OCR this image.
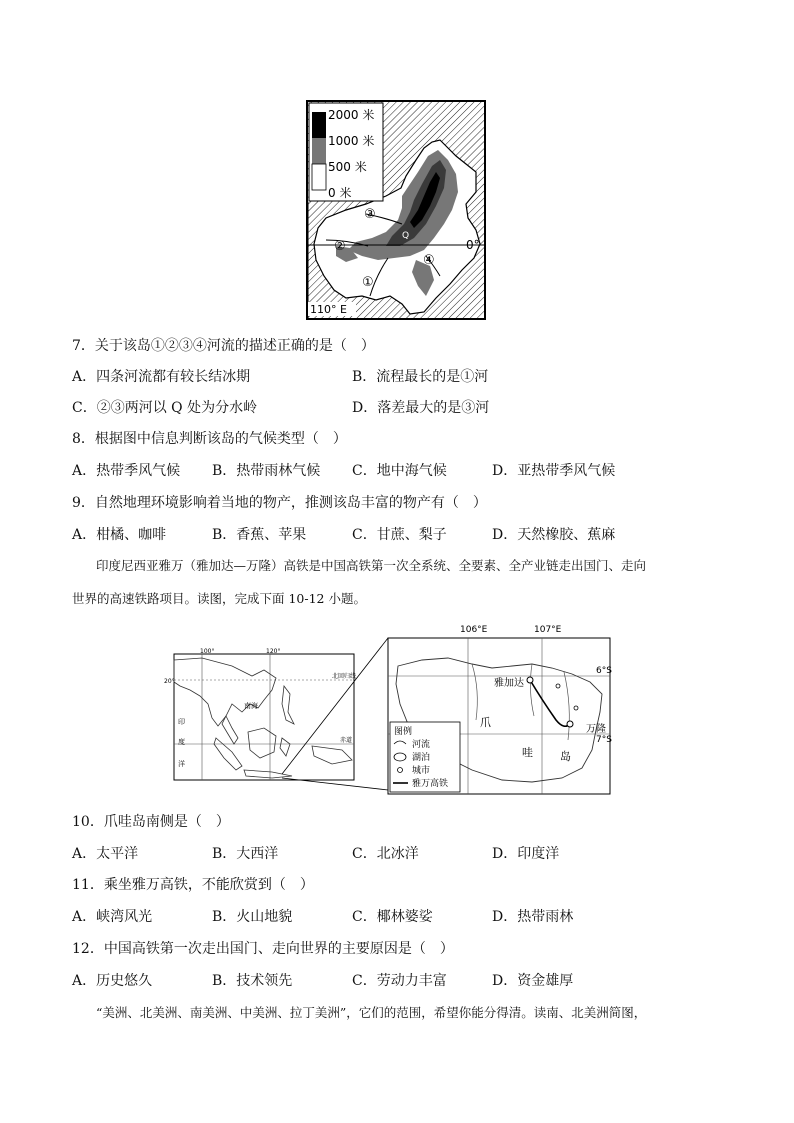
2000 米
1000 米
500 米
0 米
③
②
④
①
Q
0°
110° E
7．关于该岛①②③④河流的描述正确的是（　）
A．四条河流都有较长结冰期	B．流程最长的是①河
C．②③两河以 Q 处为分水岭	D．落差最大的是③河
8．根据图中信息判断该岛的气候类型（　）
A．热带季风气候 B．热带雨林气候 C．地中海气候	D．亚热带季风气候
9．自然地理环境影响着当地的物产，推测该岛丰富的物产有（　）
A．柑橘、咖啡	B．香蕉、苹果	C．甘蔗、梨子	D．天然橡胶、蕉麻
印度尼西亚雅万（雅加达—万隆）高铁是中国高铁第一次全系统、全要素、全产业链走出国门、走向
世界的高速铁路项目。读图，完成下面 10-12 小题。
100°	120°
20°
北回归线
南海
印
度
洋
赤道
106°E	107°E
6°S
7°S
雅加达
万隆
爪
哇 岛
图例
河流
湖泊
城市
雅万高铁
10．爪哇岛南侧是（　）
A．太平洋	B．大西洋	C．北冰洋	D．印度洋
11．乘坐雅万高铁，不能欣赏到（　）
A．峡湾风光	B．火山地貌	C．椰林婆娑	D．热带雨林
12．中国高铁第一次走出国门、走向世界的主要原因是（　）
A．历史悠久	B．技术领先	C．劳动力丰富	D．资金雄厚
“美洲、北美洲、南美洲、中美洲、拉丁美洲”，它们的范围，希望你能分得清。读南、北美洲简图，
